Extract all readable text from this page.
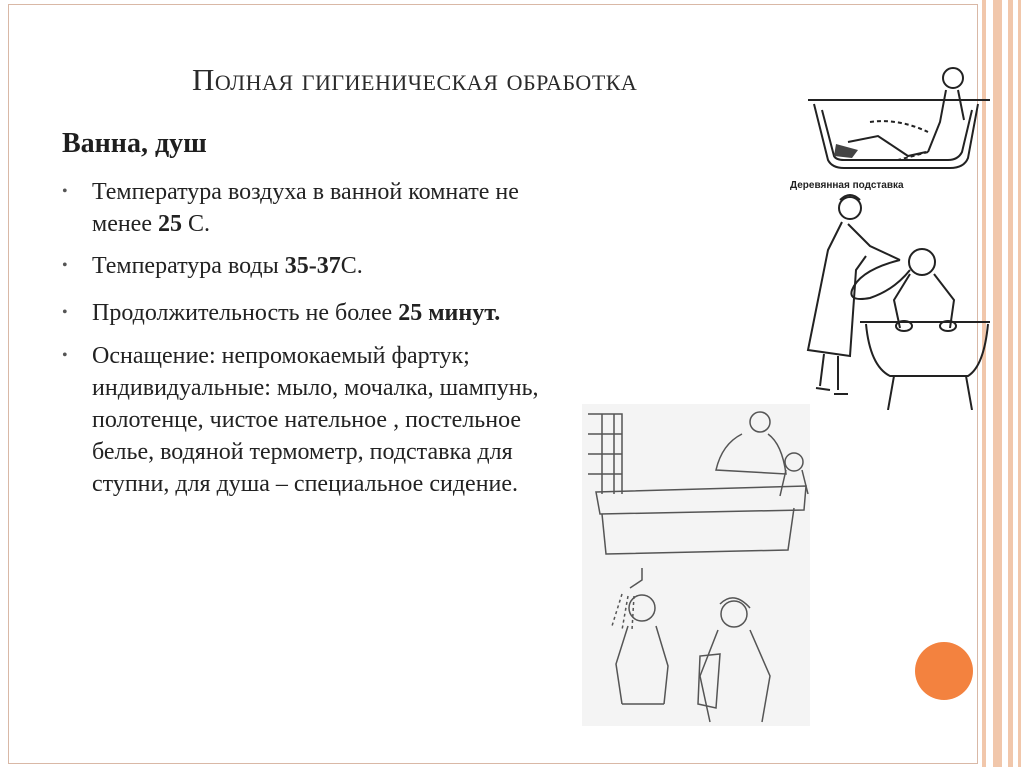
Полная гигиеническая обработка
Ванна, душ
• Температура воздуха в ванной комнате не менее 25 С.
• Температура воды 35-37С.
• Продолжительность не более 25 минут.
• Оснащение: непромокаемый фартук; индивидуальные: мыло, мочалка, шампунь, полотенце, чистое нательное , постельное белье, водяной термометр, подставка для ступни, для душа – специальное сидение.
Деревянная подставка
